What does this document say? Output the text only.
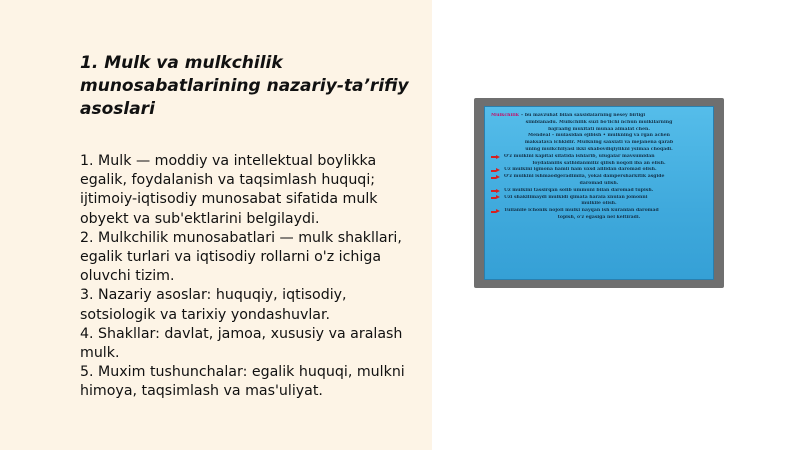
1. Mulk va mulkchilik munosabatlarining nazariy-ta’rifiy asoslari

1. Mulk — moddiy va intellektual boylikka egalik, foydalanish va taqsimlash huquqi; ijtimoiy-iqtisodiy munosabat sifatida mulk obyekt va sub'ektlarini belgilaydi.

2. Mulkchilik munosabatlari — mulk shakllari, egalik turlari va iqtisodiy rollarni o'z ichiga oluvchi tizim.

3. Nazariy asoslar: huquqiy, iqtisodiy, sotsiologik va tarixiy yondashuvlar.

4. Shakllar: davlat, jamoa, xususiy va aralash mulk.

5. Muxim tushunchalar: egalik huquqi, mulkni himoya, taqsimlash va mas'uliyat.

Mulkchilik – bu mavzuhat bilan saxsidalarning nesey birligi
simblanadu. Mulkchilik suzi bo'lichi nchun mulkilarning
bajraalig muxitati munaa almalat chen.
Mendeal – mulasidan ejibish • mulkning va rgan achen
maksatava ichkidir. Mulkning saxsiati va mejanena qarab
uning mulkchilyasi ikki shabovdiqiylikni ysimaa choqadi.
O'z mulkini kapital sifatida ishlarib, ulugalar mavsumidan
foydalanilis sathidanmiliz qilish noqoli iba an elish.
Uz mulkini igmona hamli ham uxsd alllidan daromad olish.
O'z mulkini ishmaodgeradimila, yokai dampersharkitik asgide
daromad ulish.
Uz mulkini tassirqan solib ummuni bilan daromad tupish.
Uzi shakllimaydi mulkidi qimata harala xnulan jomonni
mulkile olish.
Tuilanile ichonik nojoli mulki nayqan ish kuranlan daromad
topish, o'z egasiga nel keltiradi.
